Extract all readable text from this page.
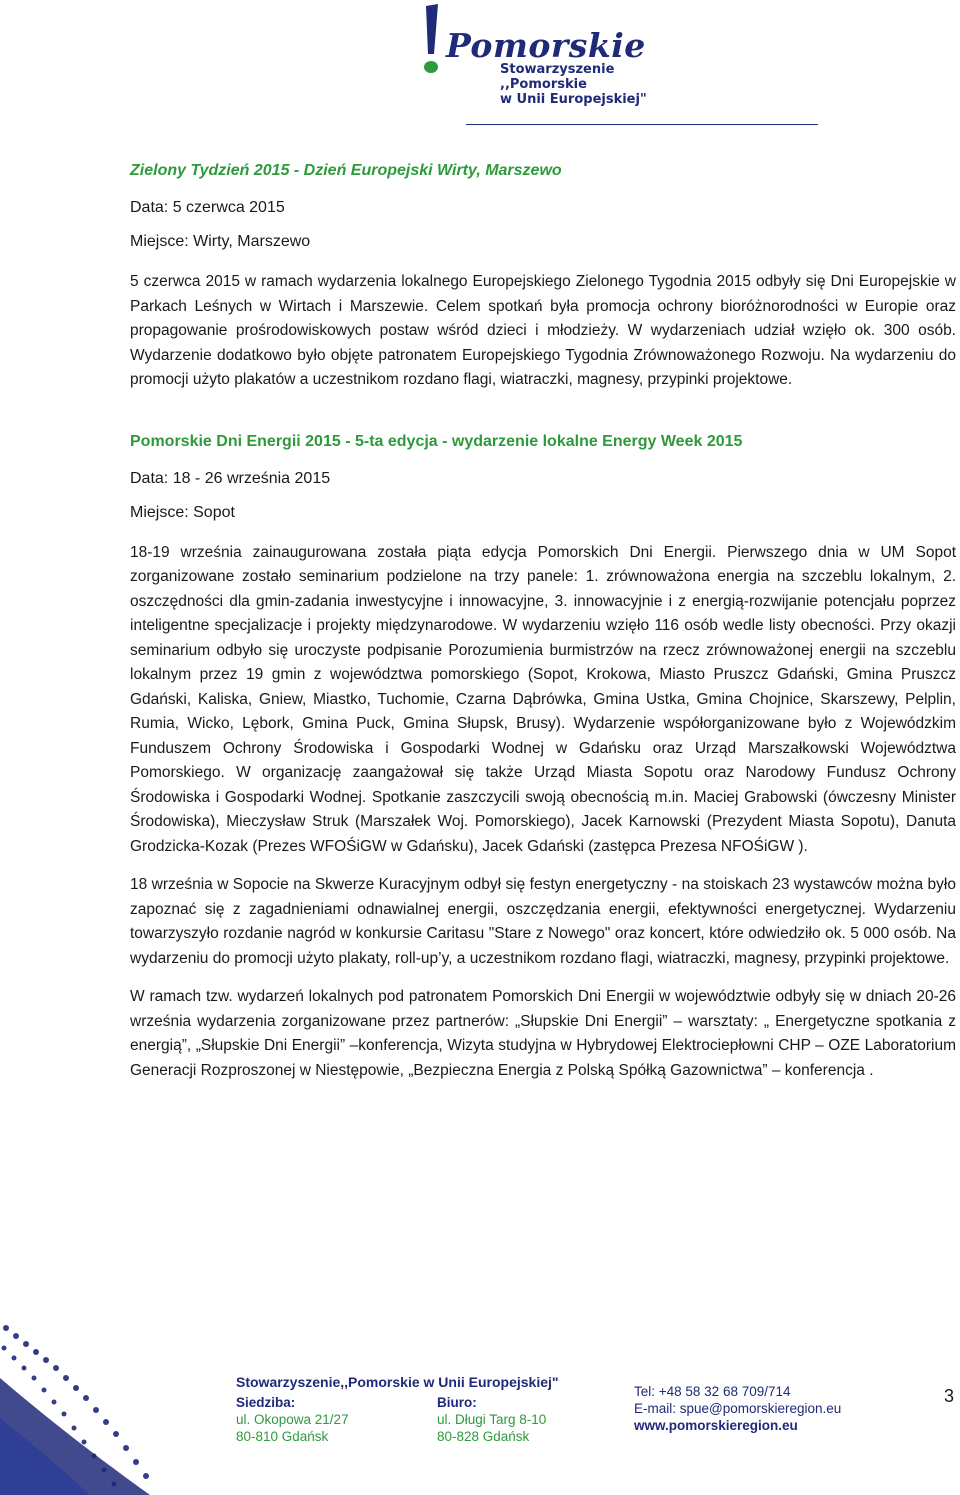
Pomorskie
Stowarzyszenie
,,Pomorskie
w Unii Europejskiej"
Zielony Tydzień 2015 - Dzień Europejski Wirty, Marszewo

Data: 5 czerwca 2015

Miejsce: Wirty, Marszewo

5 czerwca 2015 w ramach wydarzenia lokalnego Europejskiego Zielonego Tygodnia 2015 odbyły się Dni Europejskie w Parkach Leśnych w Wirtach i Marszewie. Celem spotkań była promocja ochrony bioróżnorodności w Europie oraz propagowanie prośrodowiskowych postaw wśród dzieci i młodzieży. W wydarzeniach udział wzięło ok. 300 osób. Wydarzenie dodatkowo było objęte patronatem Europejskiego Tygodnia Zrównoważonego Rozwoju. Na wydarzeniu do promocji użyto plakatów a uczestnikom rozdano flagi, wiatraczki, magnesy, przypinki projektowe.

Pomorskie Dni Energii 2015 - 5-ta edycja - wydarzenie lokalne Energy Week 2015

Data: 18 - 26 września 2015

Miejsce: Sopot

18-19 września zainaugurowana została piąta edycja Pomorskich Dni Energii. Pierwszego dnia w UM Sopot zorganizowane zostało seminarium podzielone na trzy panele: 1. zrównoważona energia na szczeblu lokalnym, 2. oszczędności dla gmin-zadania inwestycyjne i innowacyjne, 3. innowacyjnie i z energią-rozwijanie potencjału poprzez inteligentne specjalizacje i projekty międzynarodowe. W wydarzeniu wzięło 116 osób wedle listy obecności. Przy okazji seminarium odbyło się uroczyste podpisanie Porozumienia burmistrzów na rzecz zrównoważonej energii na szczeblu lokalnym przez 19 gmin z województwa pomorskiego (Sopot, Krokowa, Miasto Pruszcz Gdański, Gmina Pruszcz Gdański, Kaliska, Gniew, Miastko, Tuchomie, Czarna Dąbrówka, Gmina Ustka, Gmina Chojnice, Skarszewy, Pelplin, Rumia, Wicko, Lębork, Gmina Puck, Gmina Słupsk, Brusy). Wydarzenie współorganizowane było z Wojewódzkim Funduszem Ochrony Środowiska i Gospodarki Wodnej w Gdańsku oraz Urząd Marszałkowski Województwa Pomorskiego. W organizację zaangażował się także Urząd Miasta Sopotu oraz Narodowy Fundusz Ochrony Środowiska i Gospodarki Wodnej. Spotkanie zaszczycili swoją obecnością m.in. Maciej Grabowski (ówczesny Minister Środowiska), Mieczysław Struk (Marszałek Woj. Pomorskiego), Jacek Karnowski (Prezydent Miasta Sopotu), Danuta Grodzicka-Kozak (Prezes WFOŚiGW w Gdańsku), Jacek Gdański (zastępca Prezesa NFOŚiGW ).

18 września w Sopocie na Skwerze Kuracyjnym odbył się festyn energetyczny - na stoiskach 23 wystawców można było zapoznać się z zagadnieniami odnawialnej energii, oszczędzania energii, efektywności energetycznej. Wydarzeniu towarzyszyło rozdanie nagród w konkursie Caritasu "Stare z Nowego" oraz koncert, które odwiedziło ok. 5 000 osób. Na wydarzeniu do promocji użyto plakaty, roll-up’y, a uczestnikom rozdano flagi, wiatraczki, magnesy, przypinki projektowe.

W ramach tzw. wydarzeń lokalnych pod patronatem Pomorskich Dni Energii w województwie odbyły się w dniach 20-26 września wydarzenia zorganizowane przez partnerów: „Słupskie Dni Energii” – warsztaty: „ Energetyczne spotkania z energią”, „Słupskie Dni Energii” –konferencja, Wizyta studyjna w Hybrydowej Elektrociepłowni CHP – OZE Laboratorium Generacji Rozproszonej w Niestępowie, „Bezpieczna Energia z Polską Spółką Gazownictwa” – konferencja .

Stowarzyszenie,,Pomorskie w Unii Europejskiej"
Siedziba:
ul. Okopowa 21/27
80-810 Gdańsk
Biuro:
ul. Długi Targ 8-10
80-828 Gdańsk
Tel: +48 58 32 68 709/714
E-mail: spue@pomorskieregion.eu
www.pomorskieregion.eu
3
